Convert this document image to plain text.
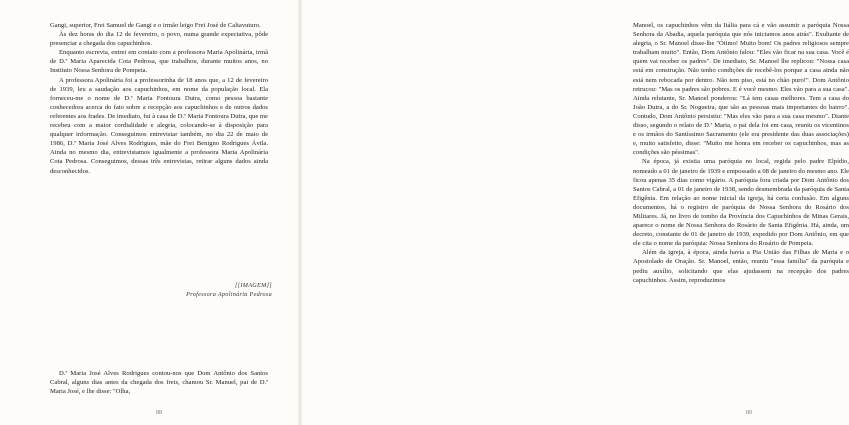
Gangi, superior, Frei Samuel de Gangi e o irmão leigo Frei José de Caltavuturo.

Às dez horas do dia 12 de fevereiro, o povo, numa grande expectativa, pôde presenciar a chegada dos capuchinhos.

Enquanto escrevia, entrei em contato com a professora Maria Apolinária, irmã de D.ª Maria Aparecida Cota Pedrosa, que trabalhou, durante muitos anos, no Instituto Nossa Senhora de Pompeia.

A professora Apolinária foi a professorinha de 18 anos que, a 12 de fevereiro de 1939, leu a saudação aos capuchinhos, em nome da população local. Ela forneceu-me o nome de D.ª Maria Fontoura Dutra, como pessoa bastante conhecedora acerca do fato sobre a recepção aos capuchinhos e de outros dados referentes aos frades. De imediato, fui à casa de D.ª Maria Fontoura Dutra, que me recebeu com a maior cordialidade e alegria, colocando-se à disposição para qualquer informação. Conseguimos entrevistar também, no dia 22 de maio de 1986, D.ª Maria José Alves Rodrigues, mãe do Frei Benigno Rodrigues Ávila. Ainda no mesmo dia, entrevistamos igualmente a professora Maria Apolinária Cota Pedrosa. Conseguimos, dessas três entrevistas, retirar alguns dados ainda desconhecidos.

[[IMAGEM]]
Professora Apolinária Pedrosa

D.ª Maria José Alves Rodrigues contou-nos que Dom Antônio dos Santos Cabral, alguns dias antes da chegada dos freis, chamou Sr. Manuel, pai de D.ª Maria José, e lhe disse: "Olha,

88

Manoel, os capuchinhos vêm da Itália para cá e vão assumir a paróquia Nossa Senhora da Abadia, aquela paróquia que nós iniciamos anos atrás". Exultante de alegria, o Sr. Manoel disse-lhe "Ótimo! Muito bom! Os padres religiosos sempre trabalham muito". Então, Dom Antônio falou: "Eles vão ficar na sua casa. Você é quem vai receber os padres". De imediato, Sr. Manoel lhe replicou: "Nossa casa está em construção. Não tenho condições de recebê-los porque a casa ainda não está nem rebocada por dentro. Não tem piso, está no chão puro!". Dom Antônio retrucou: "Mas os padres são pobres. E é você mesmo. Eles vão para a sua casa". Ainda relutante, Sr. Manoel ponderou: "Lá tem casas melhores. Tem a casa do João Dutra, a do Sr. Nogueira, que são as pessoas mais importantes do bairro". Contudo, Dom Antônio persistiu: "Mas eles vão para a sua casa mesmo". Diante disso, segundo o relato de D.ª Maria, o pai dela foi em casa, reuniu os vicentinos e os irmãos do Santíssimo Sacramento (ele era presidente das duas associações) e, muito satisfeito, disse: "Muito me honra em receber os capuchinhos, mas as condições são péssimas".

Na época, já existia uma paróquia no local, regida pelo padre Elpídio, nomeado a 01 de janeiro de 1939 e empossado a 08 de janeiro do mesmo ano. Ele ficou apenas 35 dias como vigário. A paróquia fora criada por Dom Antônio dos Santos Cabral, a 01 de janeiro de 1938, sendo desmembrada da paróquia de Santa Efigênia. Em relação ao nome inicial da igreja, há certa confusão. Em alguns documentos, há o registro de paróquia de Nossa Senhora do Rosário dos Militares. Já, no livro de tombo da Província dos Capuchinhos de Minas Gerais, aparece o nome de Nossa Senhora do Rosário de Santa Efigênia. Há, ainda, um decreto, constante de 01 de janeiro de 1939, expedido por Dom Antônio, em que ele cita o nome da paróquia: Nossa Senhora do Rosário de Pompeia.

Além da igreja, à época, ainda havia a Pia União das Filhas de Maria e o Apostolado de Oração. Sr. Manoel, então, reuniu "essa família" da paróquia e pediu auxílio, solicitando que elas ajudassem na recepção dos padres capuchinhos. Assim, reproduzimos

89
